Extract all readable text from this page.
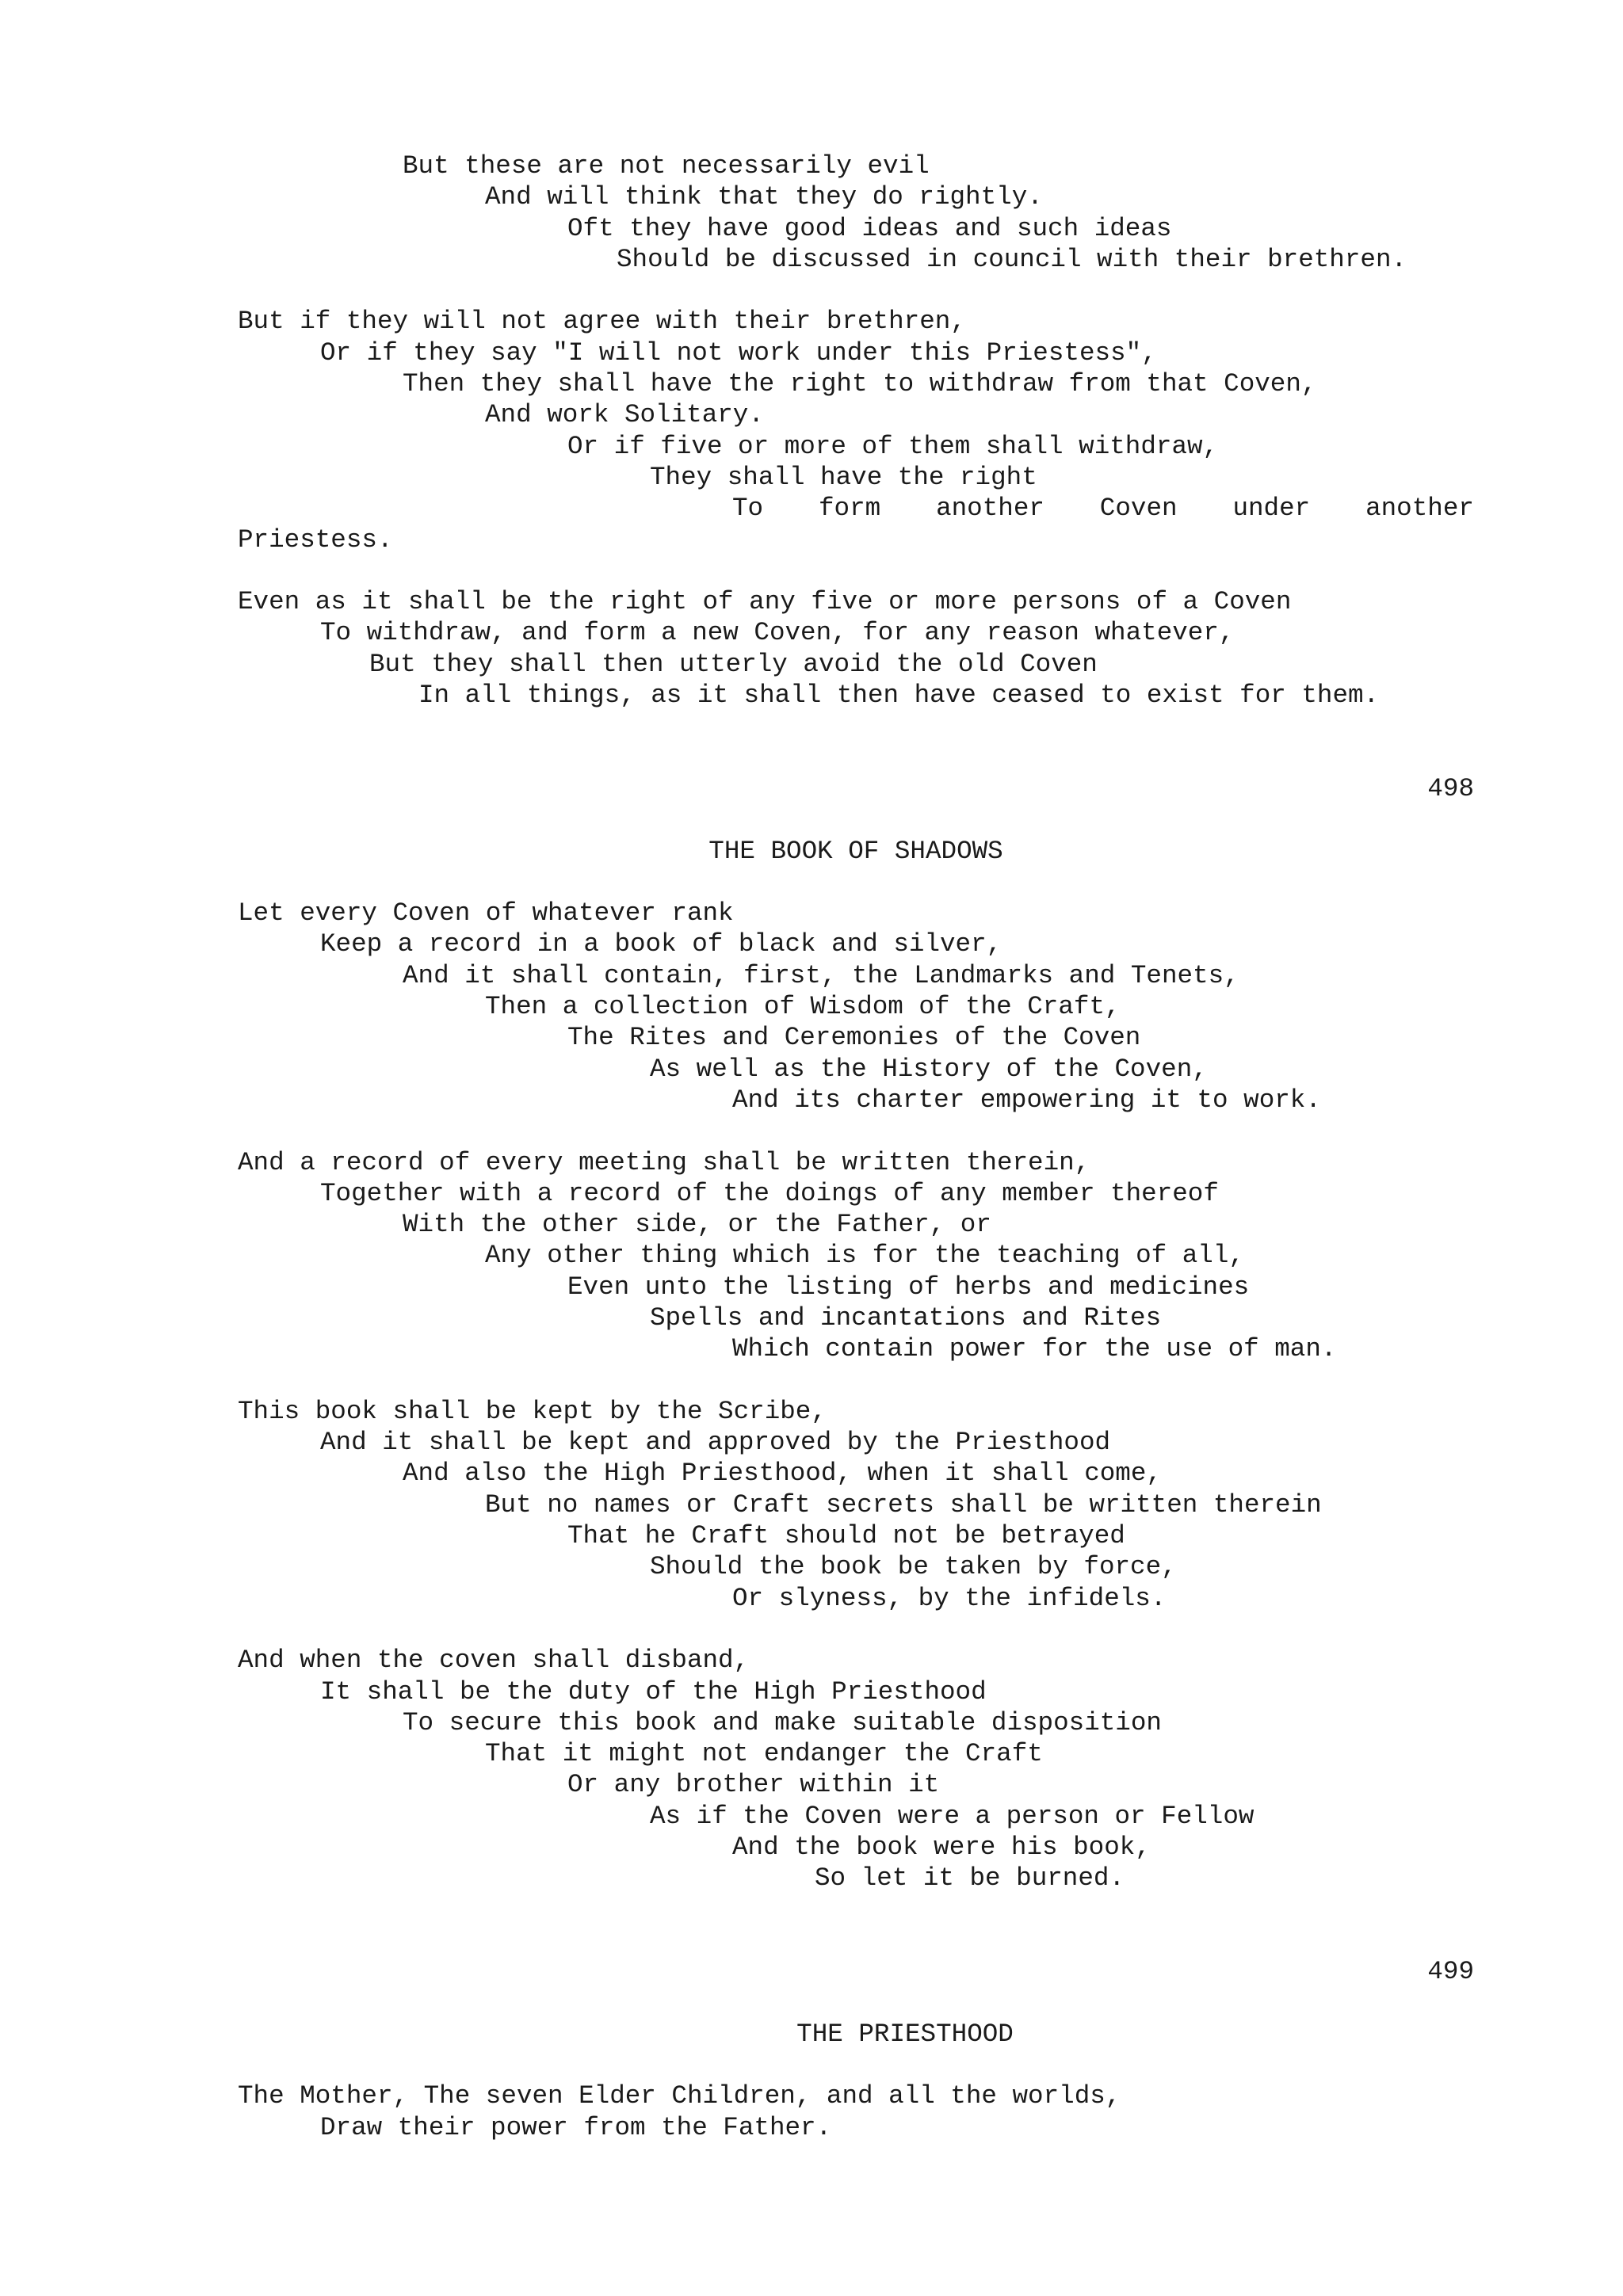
But these are not necessarily evil
And will think that they do rightly.
Oft they have good ideas and such ideas
Should be discussed in council with their brethren.
But if they will not agree with their brethren,
Or if they say "I will not work under this Priestess",
Then they shall have the right to withdraw from that Coven,
And work Solitary.
Or if five or more of them shall withdraw,
They shall have the right
To form another Coven under another
Priestess.
Even as it shall be the right of any five or more persons of a Coven
To withdraw, and form a new Coven, for any reason whatever,
But they shall then utterly avoid the old Coven
In all things, as it shall then have ceased to exist for them.
498
THE BOOK OF SHADOWS
Let every Coven of whatever rank
Keep a record in a book of black and silver,
And it shall contain, first, the Landmarks and Tenets,
Then a collection of Wisdom of the Craft,
The Rites and Ceremonies of the Coven
As well as the History of the Coven,
And its charter empowering it to work.
And a record of every meeting shall be written therein,
Together with a record of the doings of any member thereof
With the other side, or the Father, or
Any other thing which is for the teaching of all,
Even unto the listing of herbs and medicines
Spells and incantations and Rites
Which contain power for the use of man.
This book shall be kept by the Scribe,
And it shall be kept and approved by the Priesthood
And also the High Priesthood, when it shall come,
But no names or Craft secrets shall be written therein
That he Craft should not be betrayed
Should the book be taken by force,
Or slyness, by the infidels.
And when the coven shall disband,
It shall be the duty of the High Priesthood
To secure this book and make suitable disposition
That it might not endanger the Craft
Or any brother within it
As if the Coven were a person or Fellow
And the book were his book,
So let it be burned.
499
THE PRIESTHOOD
The Mother, The seven Elder Children, and all the worlds,
Draw their power from the Father.
